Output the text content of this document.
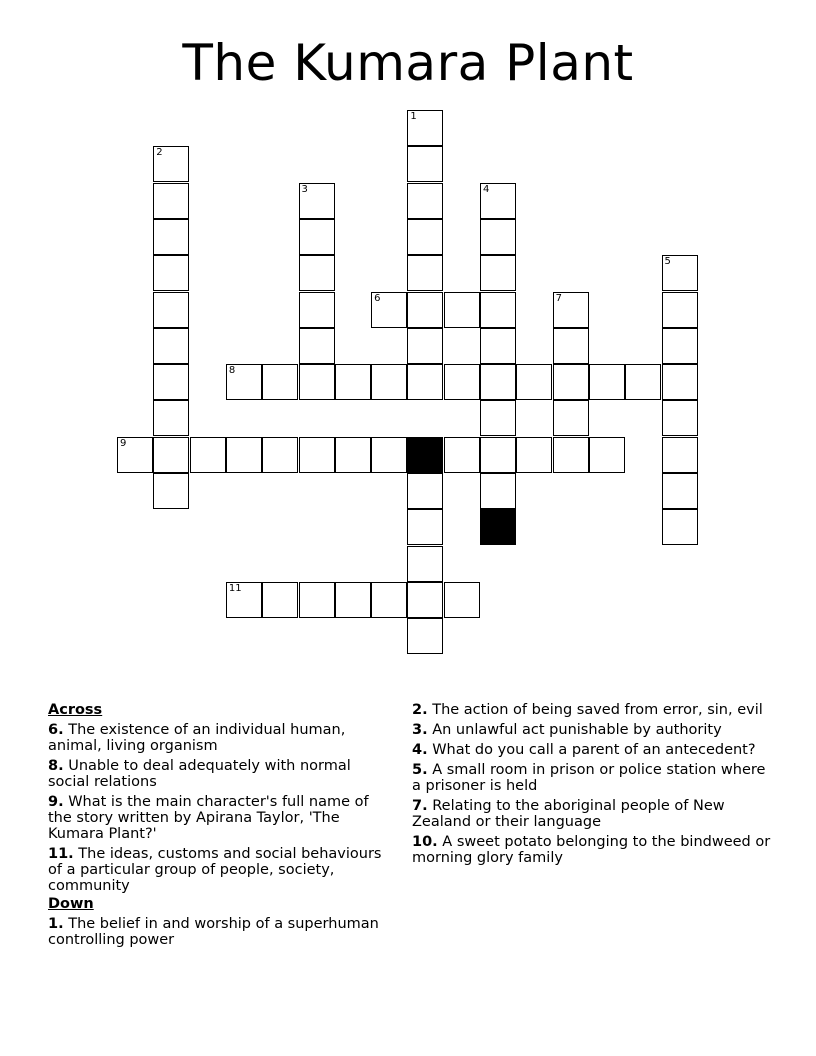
The Kumara Plant
1
2
3	4
5
6	7
8
9
11
Across
6. The existence of an individual human, animal, living organism
8. Unable to deal adequately with normal social relations
9. What is the main character's full name of the story written by Apirana Taylor, 'The Kumara Plant?'
11. The ideas, customs and social behaviours of a particular group of people, society, community
Down
1. The belief in and worship of a superhuman controlling power
2. The action of being saved from error, sin, evil
3. An unlawful act punishable by authority
4. What do you call a parent of an antecedent?
5. A small room in prison or police station where a prisoner is held
7. Relating to the aboriginal people of New Zealand or their language
10. A sweet potato belonging to the bindweed or morning glory family
